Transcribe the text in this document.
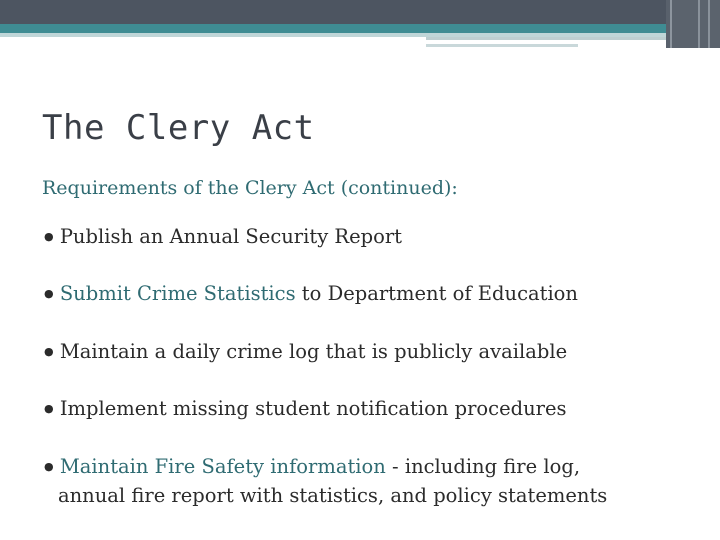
The Clery Act
Requirements of the Clery Act (continued):
● Publish an Annual Security Report
● Submit Crime Statistics to Department of Education
● Maintain a daily crime log that is publicly available
● Implement missing student notification procedures
● Maintain Fire Safety information - including fire log,
annual fire report with statistics, and policy statements
